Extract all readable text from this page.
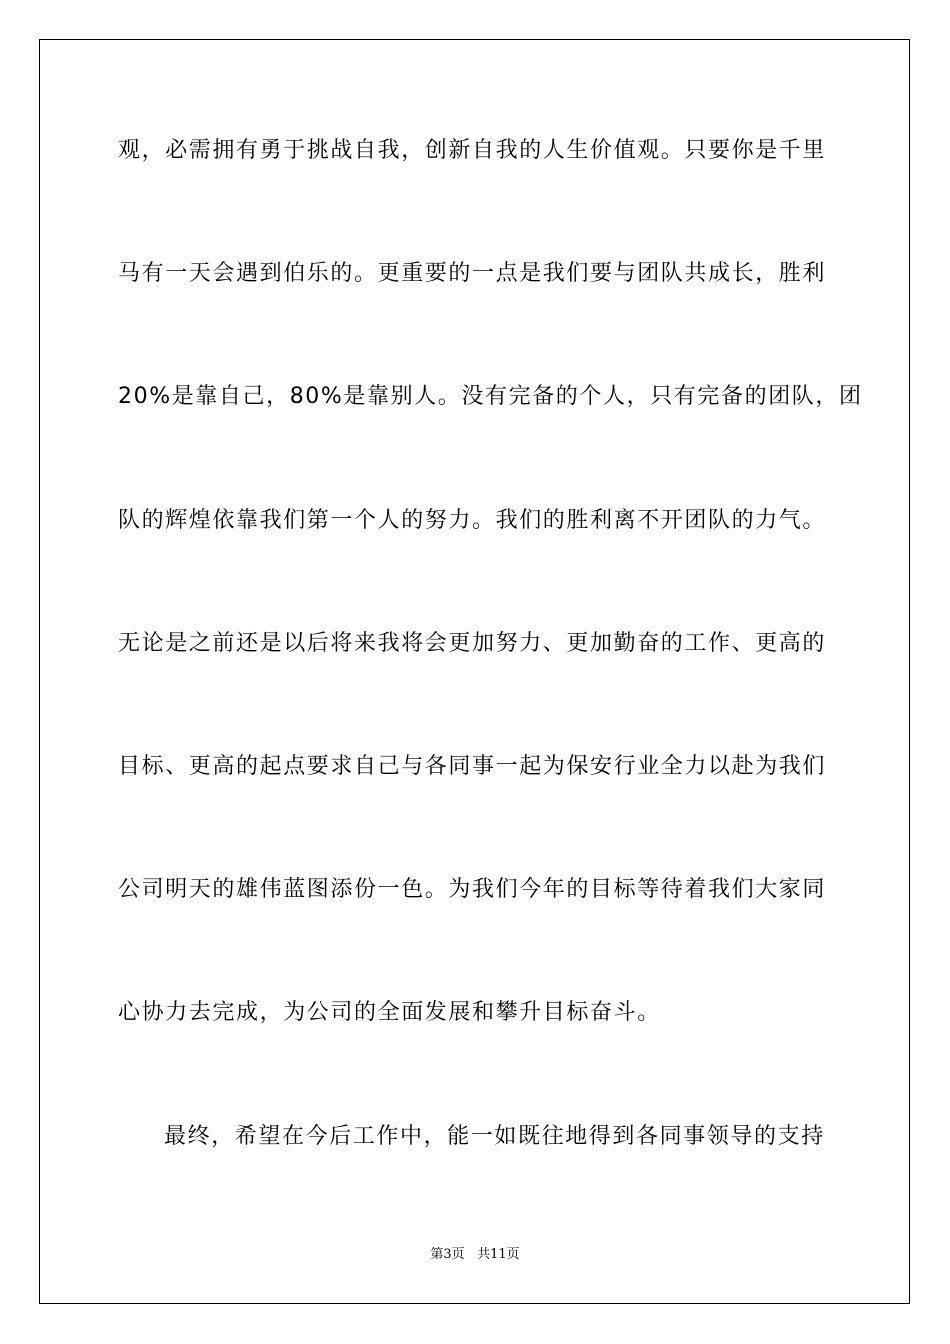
观，必需拥有勇于挑战自我，创新自我的人生价值观。只要你是千里
马有一天会遇到伯乐的。更重要的一点是我们要与团队共成长，胜利
20%是靠自己，80%是靠别人。没有完备的个人，只有完备的团队，团
队的辉煌依靠我们第一个人的努力。我们的胜利离不开团队的力气。
无论是之前还是以后将来我将会更加努力、更加勤奋的工作、更高的
目标、更高的起点要求自己与各同事一起为保安行业全力以赴为我们
公司明天的雄伟蓝图添份一色。为我们今年的目标等待着我们大家同
心协力去完成，为公司的全面发展和攀升目标奋斗。
最终，希望在今后工作中，能一如既往地得到各同事领导的支持
第3页 共11页
